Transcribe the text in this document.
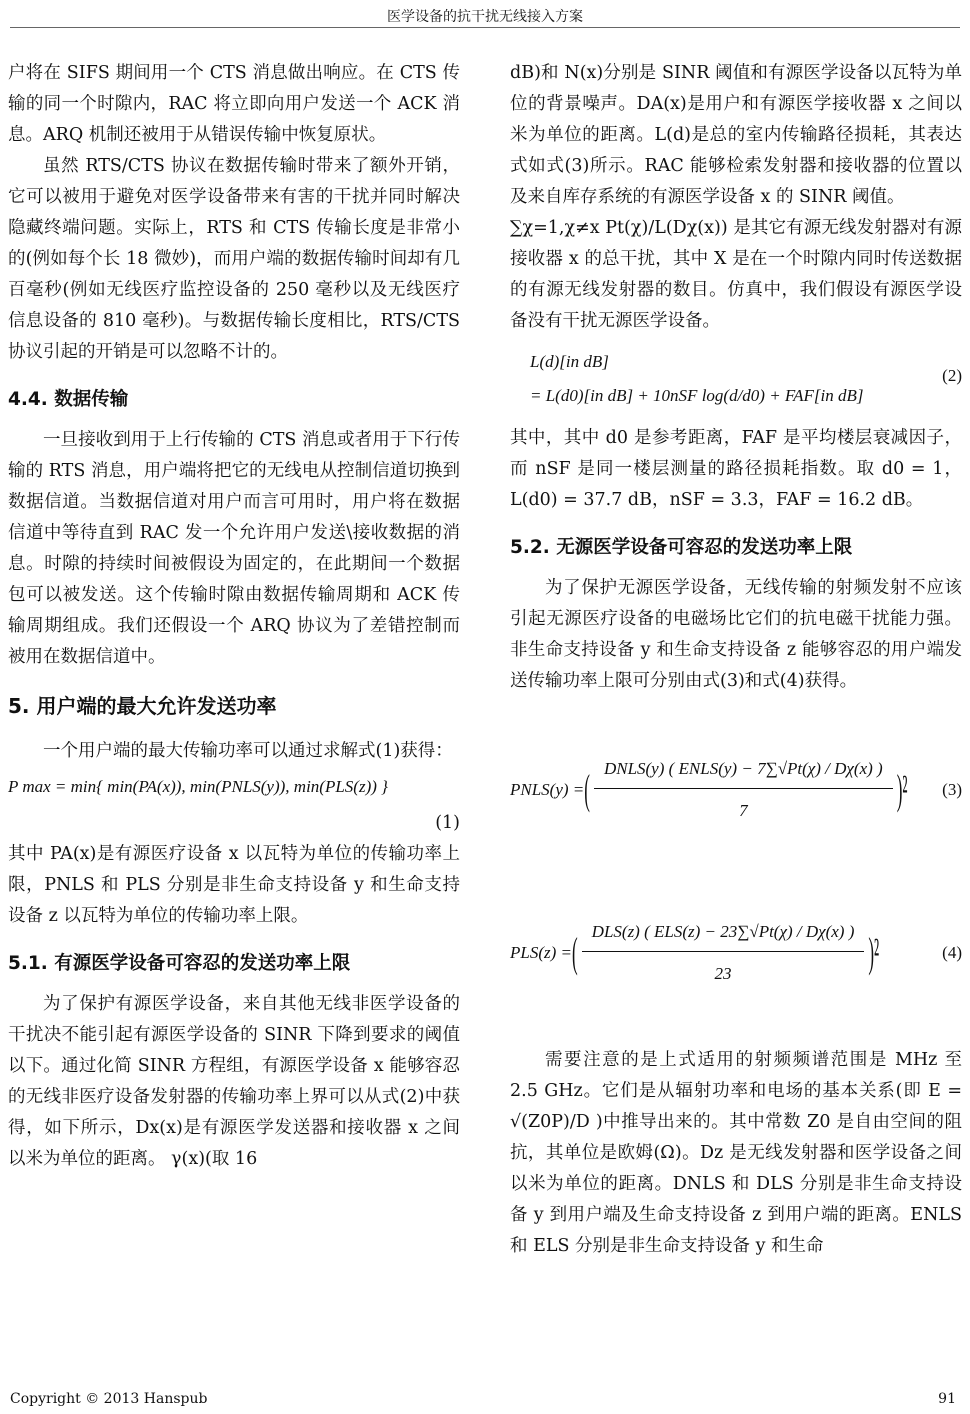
医学设备的抗干扰无线接入方案

户将在 SIFS 期间用一个 CTS 消息做出响应。在 CTS 传输的同一个时隙内，RAC 将立即向用户发送一个 ACK 消息。ARQ 机制还被用于从错误传输中恢复原状。

虽然 RTS/CTS 协议在数据传输时带来了额外开销，它可以被用于避免对医学设备带来有害的干扰并同时解决隐藏终端问题。实际上，RTS 和 CTS 传输长度是非常小的(例如每个长 18 微妙)，而用户端的数据传输时间却有几百毫秒(例如无线医疗监控设备的 250 毫秒以及无线医疗信息设备的 810 毫秒)。与数据传输长度相比，RTS/CTS 协议引起的开销是可以忽略不计的。

4.4. 数据传输

一旦接收到用于上行传输的 CTS 消息或者用于下行传输的 RTS 消息，用户端将把它的无线电从控制信道切换到数据信道。当数据信道对用户而言可用时，用户将在数据信道中等待直到 RAC 发一个允许用户发送\接收数据的消息。时隙的持续时间被假设为固定的，在此期间一个数据包可以被发送。这个传输时隙由数据传输周期和 ACK 传输周期组成。我们还假设一个 ARQ 协议为了差错控制而被用在数据信道中。

5. 用户端的最大允许发送功率

一个用户端的最大传输功率可以通过求解式(1)获得：

P max = min{ min(PA(x)), min(PNLS(y)), min(PLS(z)) }
(1)

其中 PA(x)是有源医疗设备 x 以瓦特为单位的传输功率上限，PNLS 和 PLS 分别是非生命支持设备 y 和生命支持设备 z 以瓦特为单位的传输功率上限。

5.1. 有源医学设备可容忍的发送功率上限

为了保护有源医学设备，来自其他无线非医学设备的干扰决不能引起有源医学设备的 SINR 下降到要求的阈值以下。通过化简 SINR 方程组，有源医学设备 x 能够容忍的无线非医疗设备发射器的传输功率上界可以从式(2)中获得，如下所示，Dx(x)是有源医学发送器和接收器 x 之间以米为单位的距离。 γ(x)(取 16

dB)和 N(x)分别是 SINR 阈值和有源医学设备以瓦特为单位的背景噪声。DA(x)是用户和有源医学接收器 x 之间以米为单位的距离。L(d)是总的室内传输路径损耗，其表达式如式(3)所示。RAC 能够检索发射器和接收器的位置以及来自库存系统的有源医学设备 x 的 SINR 阈值。

∑χ=1,χ≠x Pt(χ)/L(Dχ(x)) 是其它有源无线发射器对有源接收器 x 的总干扰，其中 X 是在一个时隙内同时传送数据的有源无线发射器的数目。仿真中，我们假设有源医学设备没有干扰无源医学设备。

L(d)[in dB]
= L(d0)[in dB] + 10nSF log(d/d0) + FAF[in dB]
(2)

其中，其中 d0 是参考距离，FAF 是平均楼层衰减因子，而 nSF 是同一楼层测量的路径损耗指数。取 d0 = 1，L(d0) = 37.7 dB，nSF = 3.3，FAF = 16.2 dB。

5.2. 无源医学设备可容忍的发送功率上限

为了保护无源医学设备，无线传输的射频发射不应该引起无源医疗设备的电磁场比它们的抗电磁干扰能力强。非生命支持设备 y 和生命支持设备 z 能够容忍的用户端发送传输功率上限可分别由式(3)和式(4)获得。

PNLS(y) = ( $\frac{\text{DNLS(y) ( ENLS(y) − 7∑√Pt(χ) / Dχ(x) )}}{7} )^2$ (3)
PLS(z) = ( $\frac{\text{DLS(z) ( ELS(z) − 23∑√Pt(χ) / Dχ(x) )}}{23} )^2$	(4)

需要注意的是上式适用的射频频谱范围是 MHz 至 2.5 GHz。它们是从辐射功率和电场的基本关系(即 E = √(Z0P)/D )中推导出来的。其中常数 Z0 是自由空间的阻抗，其单位是欧姆(Ω)。Dz 是无线发射器和医学设备之间以米为单位的距离。DNLS 和 DLS 分别是非生命支持设备 y 到用户端及生命支持设备 z 到用户端的距离。ENLS 和 ELS 分别是非生命支持设备 y 和生命

Copyright © 2013 Hanspub	91
